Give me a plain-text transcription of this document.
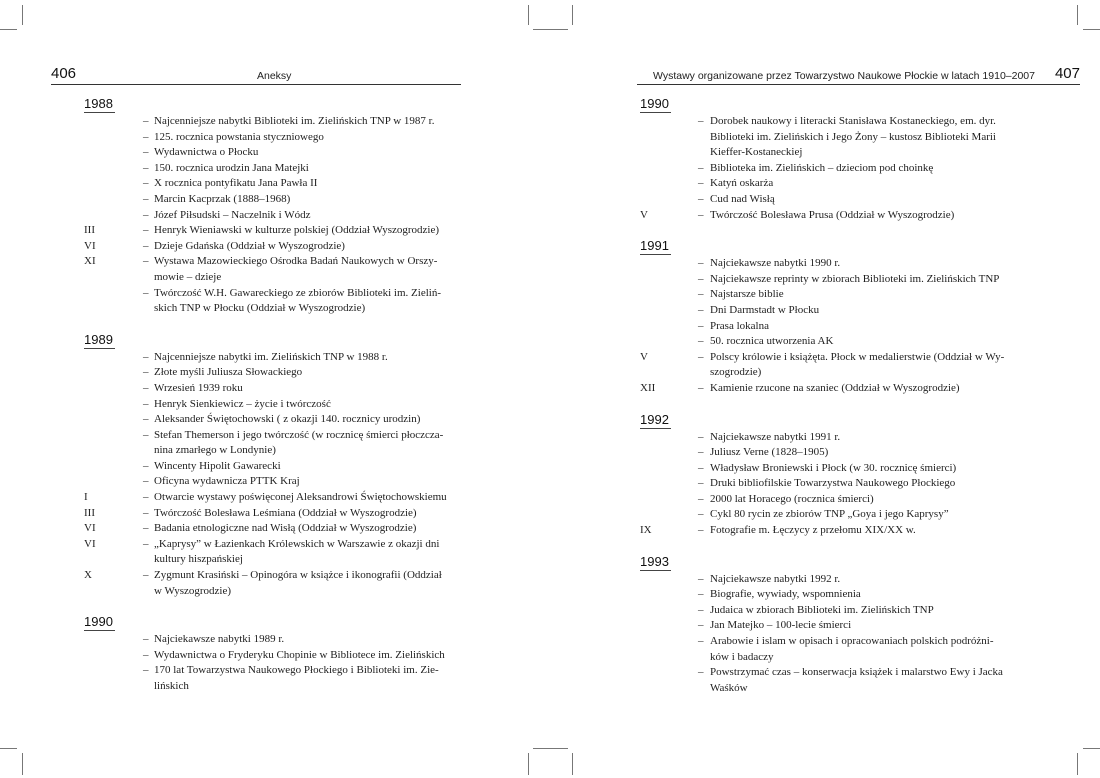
406	Aneksy
1988
– Najcenniejsze nabytki Biblioteki im. Zielińskich TNP w 1987 r.
– 125. rocznica powstania styczniowego
– Wydawnictwa o Płocku
– 150. rocznica urodzin Jana Matejki
– X rocznica pontyfikatu Jana Pawła II
– Marcin Kacprzak (1888–1968)
– Józef Piłsudski – Naczelnik i Wódz
III	– Henryk Wieniawski w kulturze polskiej (Oddział Wyszogrodzie)
VI	– Dzieje Gdańska (Oddział w Wyszogrodzie)
XI	– Wystawa Mazowieckiego Ośrodka Badań Naukowych w Orszy-
mowie – dzieje
– Twórczość W.H. Gawareckiego ze zbiorów Biblioteki im. Zieliń-
skich TNP w Płocku (Oddział w Wyszogrodzie)
1989
– Najcenniejsze nabytki im. Zielińskich TNP w 1988 r.
– Złote myśli Juliusza Słowackiego
– Wrzesień 1939 roku
– Henryk Sienkiewicz – życie i twórczość
– Aleksander Świętochowski ( z okazji 140. rocznicy urodzin)
– Stefan Themerson i jego twórczość (w rocznicę śmierci płoczcza-
nina zmarłego w Londynie)
– Wincenty Hipolit Gawarecki
– Oficyna wydawnicza PTTK Kraj
I	– Otwarcie wystawy poświęconej Aleksandrowi Świętochowskiemu
III	– Twórczość Bolesława Leśmiana (Oddział w Wyszogrodzie)
VI	– Badania etnologiczne nad Wisłą (Oddział w Wyszogrodzie)
VI	– „Kaprysy” w Łazienkach Królewskich w Warszawie z okazji dni
kultury hiszpańskiej
X	– Zygmunt Krasiński – Opinogóra w książce i ikonografii (Oddział
w Wyszogrodzie)
1990
– Najciekawsze nabytki 1989 r.
– Wydawnictwa o Fryderyku Chopinie w Bibliotece im. Zielińskich
– 170 lat Towarzystwa Naukowego Płockiego i Biblioteki im. Zie-
lińskich
Wystawy organizowane przez Towarzystwo Naukowe Płockie w latach 1910–2007 407
1990
– Dorobek naukowy i literacki Stanisława Kostaneckiego, em. dyr.
Biblioteki im. Zielińskich i Jego Żony – kustosz Biblioteki Marii
Kieffer-Kostaneckiej
– Biblioteka im. Zielińskich – dzieciom pod choinkę
– Katyń oskarża
– Cud nad Wisłą
V	– Twórczość Bolesława Prusa (Oddział w Wyszogrodzie)
1991
– Najciekawsze nabytki 1990 r.
– Najciekawsze reprinty w zbiorach Biblioteki im. Zielińskich TNP
– Najstarsze biblie
– Dni Darmstadt w Płocku
– Prasa lokalna
– 50. rocznica utworzenia AK
V	– Polscy królowie i książęta. Płock w medalierstwie (Oddział w Wy-
szogrodzie)
XII	– Kamienie rzucone na szaniec (Oddział w Wyszogrodzie)
1992
– Najciekawsze nabytki 1991 r.
– Juliusz Verne (1828–1905)
– Władysław Broniewski i Płock (w 30. rocznicę śmierci)
– Druki bibliofilskie Towarzystwa Naukowego Płockiego
– 2000 lat Horacego (rocznica śmierci)
– Cykl 80 rycin ze zbiorów TNP „Goya i jego Kaprysy”
IX	– Fotografie m. Łęczycy z przełomu XIX/XX w.
1993
– Najciekawsze nabytki 1992 r.
– Biografie, wywiady, wspomnienia
– Judaica w zbiorach Biblioteki im. Zielińskich TNP
– Jan Matejko – 100-lecie śmierci
– Arabowie i islam w opisach i opracowaniach polskich podróżni-
ków i badaczy
– Powstrzymać czas – konserwacja książek i malarstwo Ewy i Jacka
Waśków
